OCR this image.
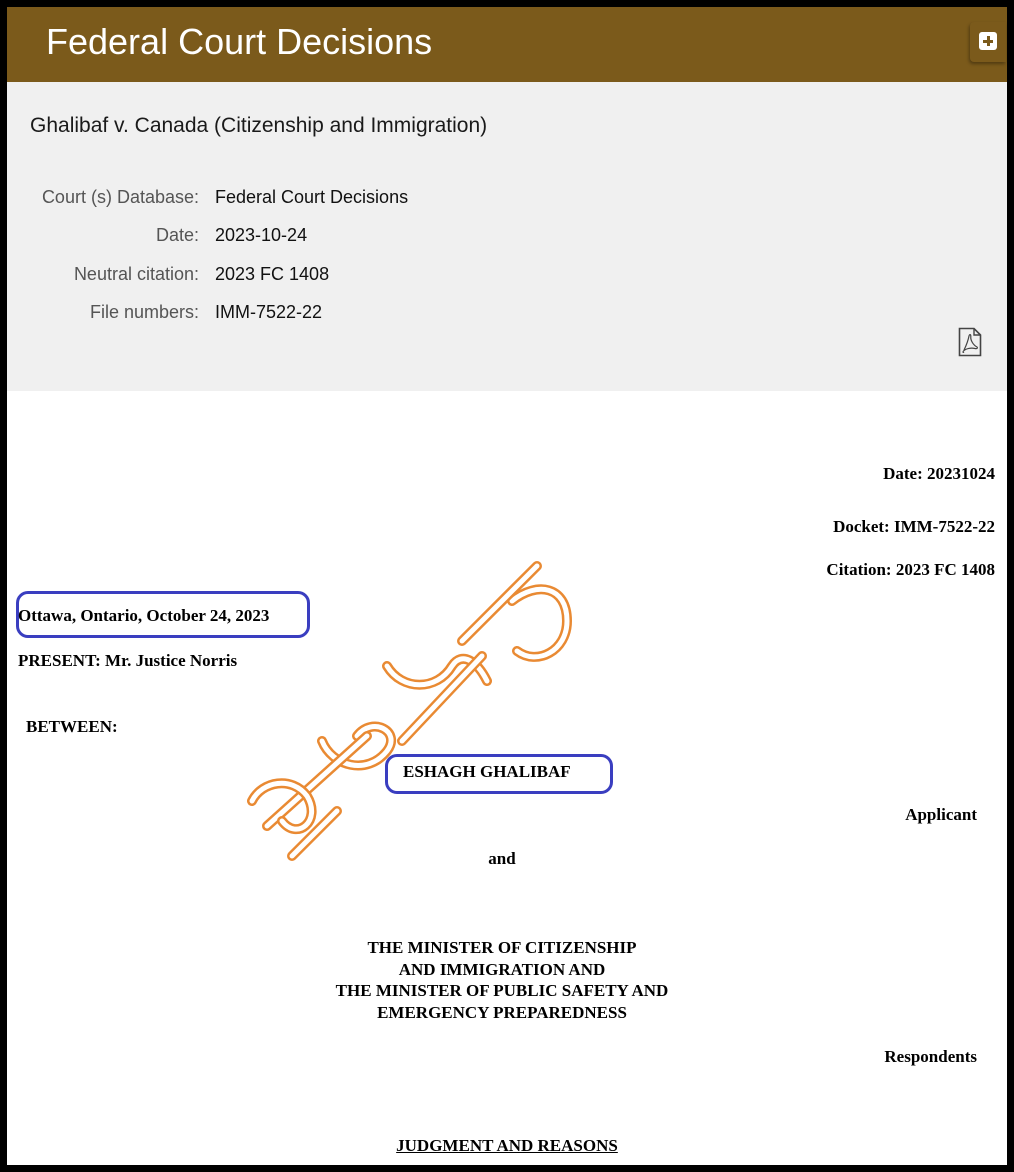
Federal Court Decisions
Ghalibaf v. Canada (Citizenship and Immigration)
Court (s) Database: Federal Court Decisions
Date: 2023-10-24
Neutral citation: 2023 FC 1408
File numbers: IMM-7522-22
Date: 20231024
Docket: IMM-7522-22
Citation: 2023 FC 1408
Ottawa, Ontario, October 24, 2023
PRESENT: Mr. Justice Norris
BETWEEN:
ESHAGH GHALIBAF
Applicant
and
THE MINISTER OF CITIZENSHIP
AND IMMIGRATION AND
THE MINISTER OF PUBLIC SAFETY AND
EMERGENCY PREPAREDNESS
Respondents
JUDGMENT AND REASONS
